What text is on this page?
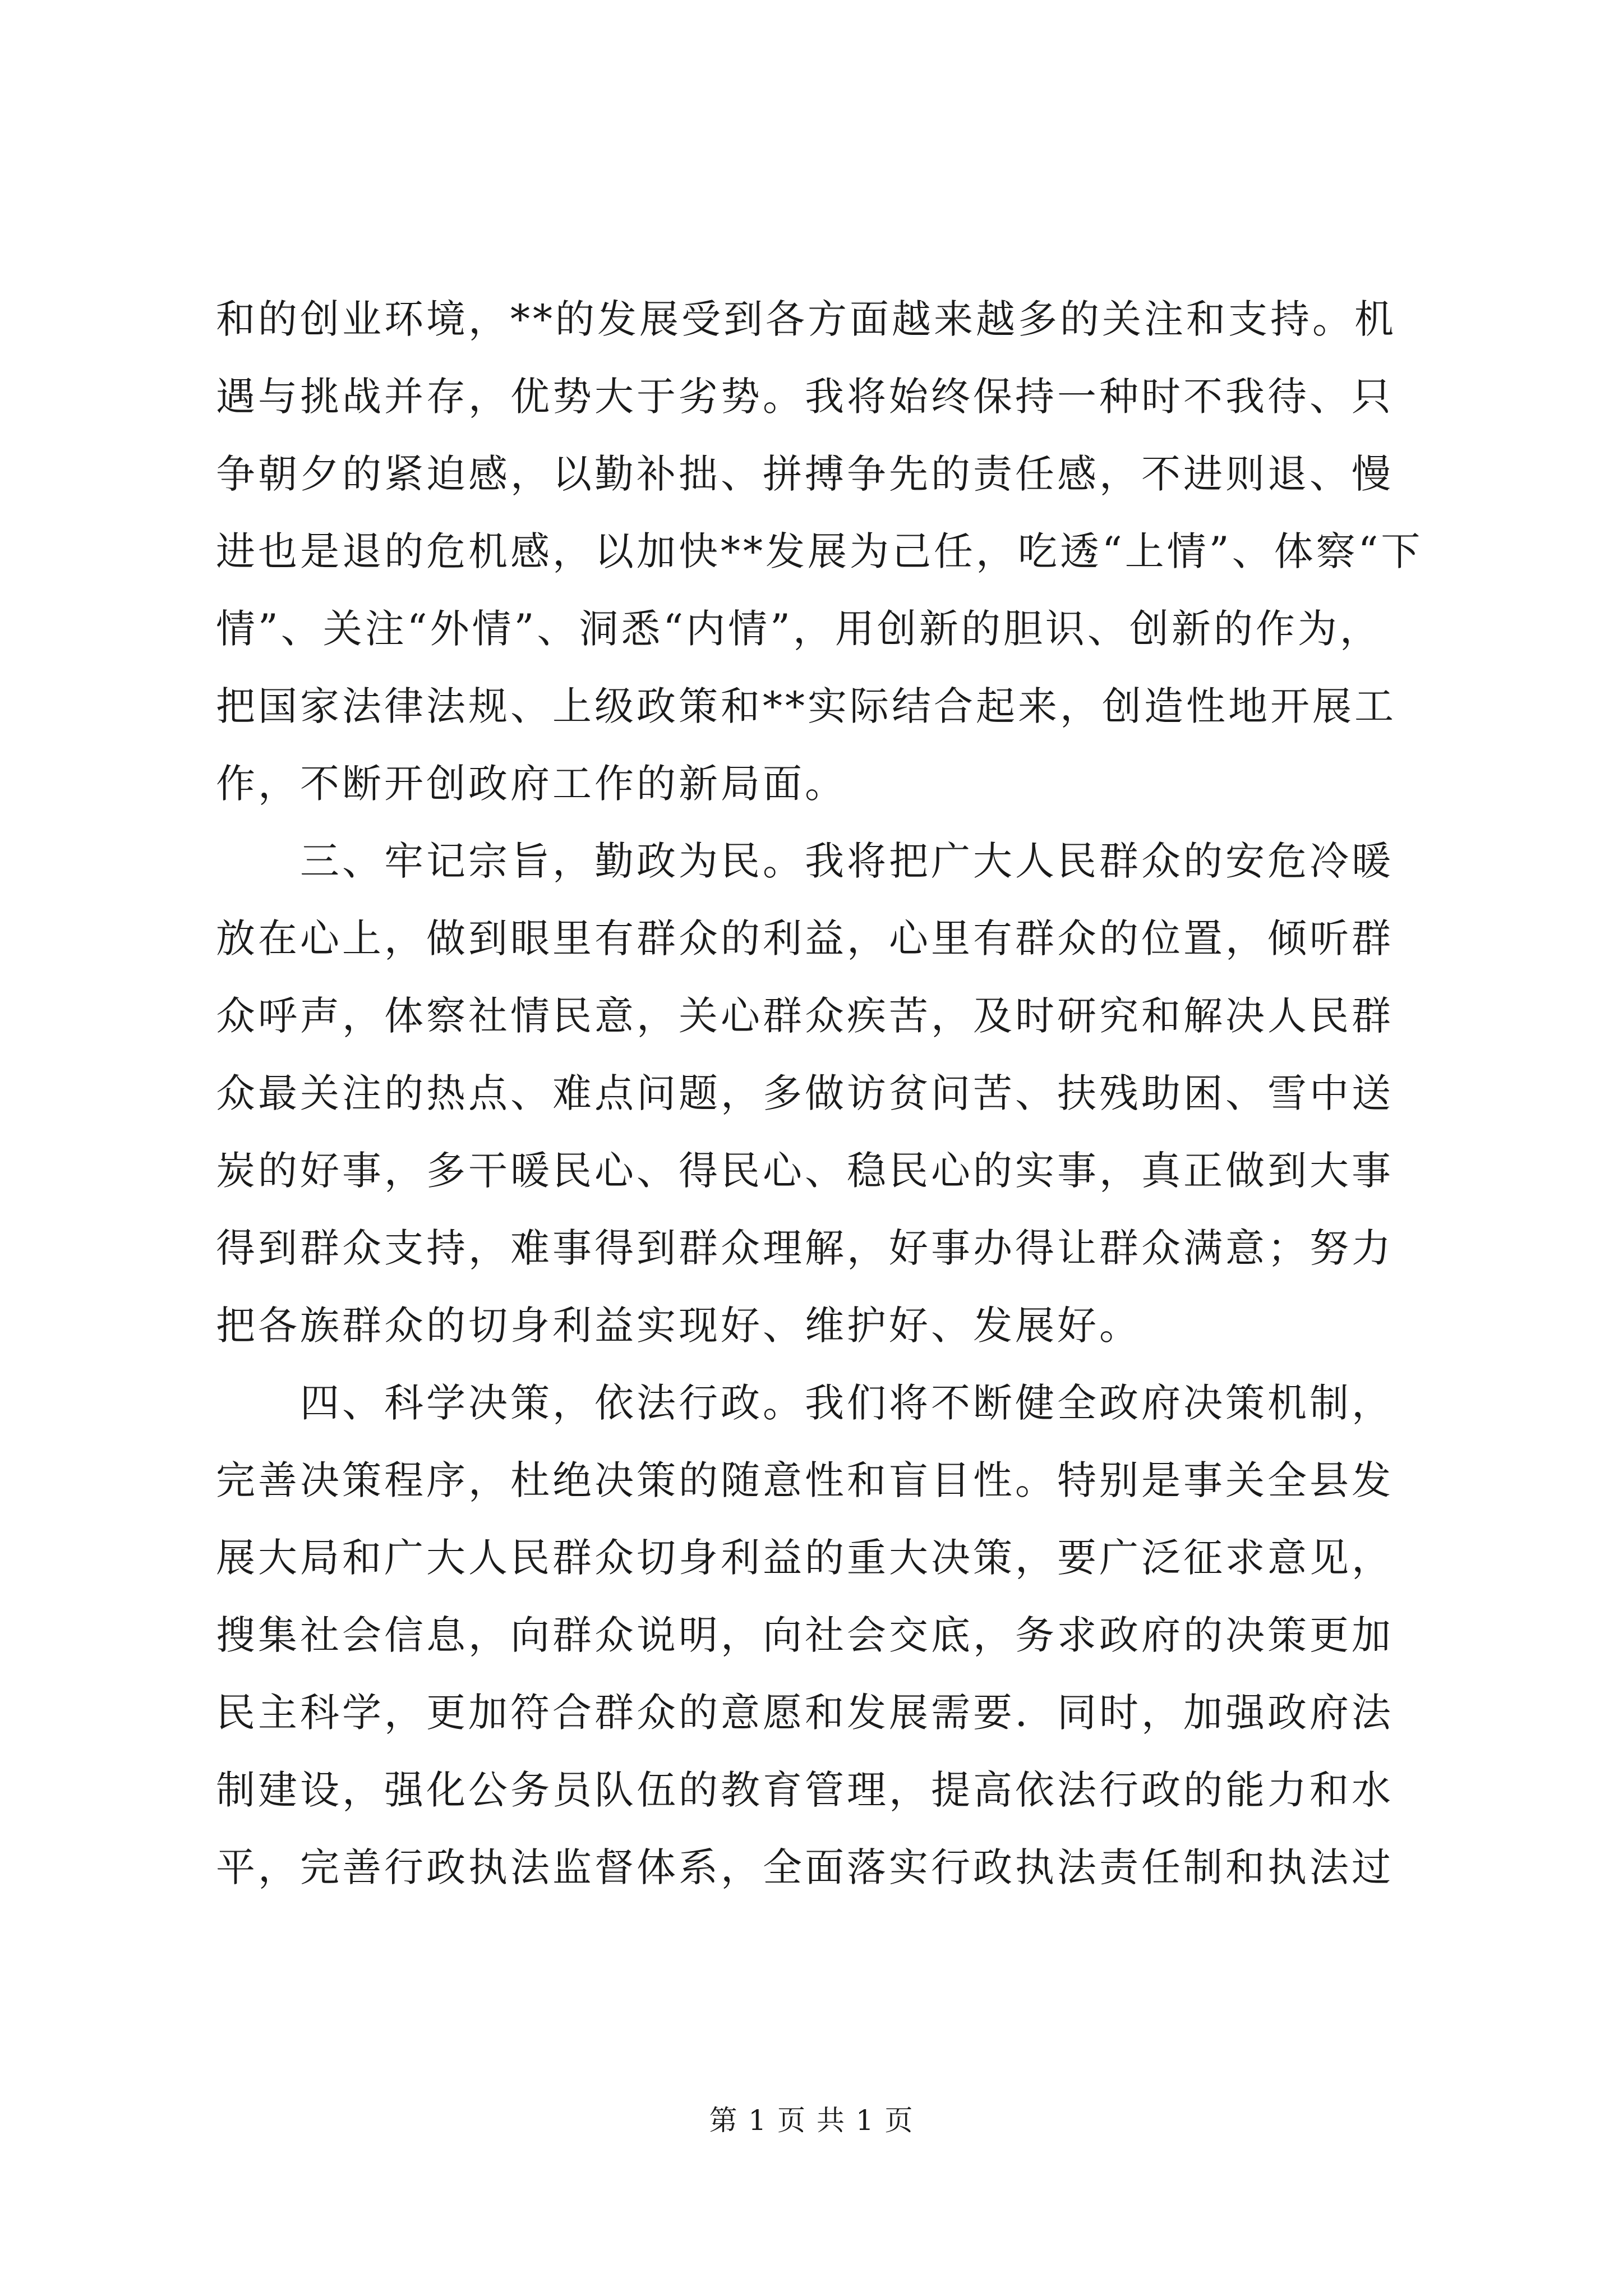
和的创业环境，**的发展受到各方面越来越多的关注和支持。机
遇与挑战并存，优势大于劣势。我将始终保持一种时不我待、只
争朝夕的紧迫感，以勤补拙、拼搏争先的责任感，不进则退、慢
进也是退的危机感，以加快**发展为己任，吃透“上情”、体察“下
情”、关注“外情”、洞悉“内情”，用创新的胆识、创新的作为，
把国家法律法规、上级政策和**实际结合起来，创造性地开展工
作，不断开创政府工作的新局面。
三、牢记宗旨，勤政为民。我将把广大人民群众的安危冷暖
放在心上，做到眼里有群众的利益，心里有群众的位置，倾听群
众呼声，体察社情民意，关心群众疾苦，及时研究和解决人民群
众最关注的热点、难点问题，多做访贫问苦、扶残助困、雪中送
炭的好事，多干暖民心、得民心、稳民心的实事，真正做到大事
得到群众支持，难事得到群众理解，好事办得让群众满意；努力
把各族群众的切身利益实现好、维护好、发展好。
四、科学决策，依法行政。我们将不断健全政府决策机制，
完善决策程序，杜绝决策的随意性和盲目性。特别是事关全县发
展大局和广大人民群众切身利益的重大决策，要广泛征求意见，
搜集社会信息，向群众说明，向社会交底，务求政府的决策更加
民主科学，更加符合群众的意愿和发展需要．同时，加强政府法
制建设，强化公务员队伍的教育管理，提高依法行政的能力和水
平，完善行政执法监督体系，全面落实行政执法责任制和执法过
第 1 页 共 1 页
